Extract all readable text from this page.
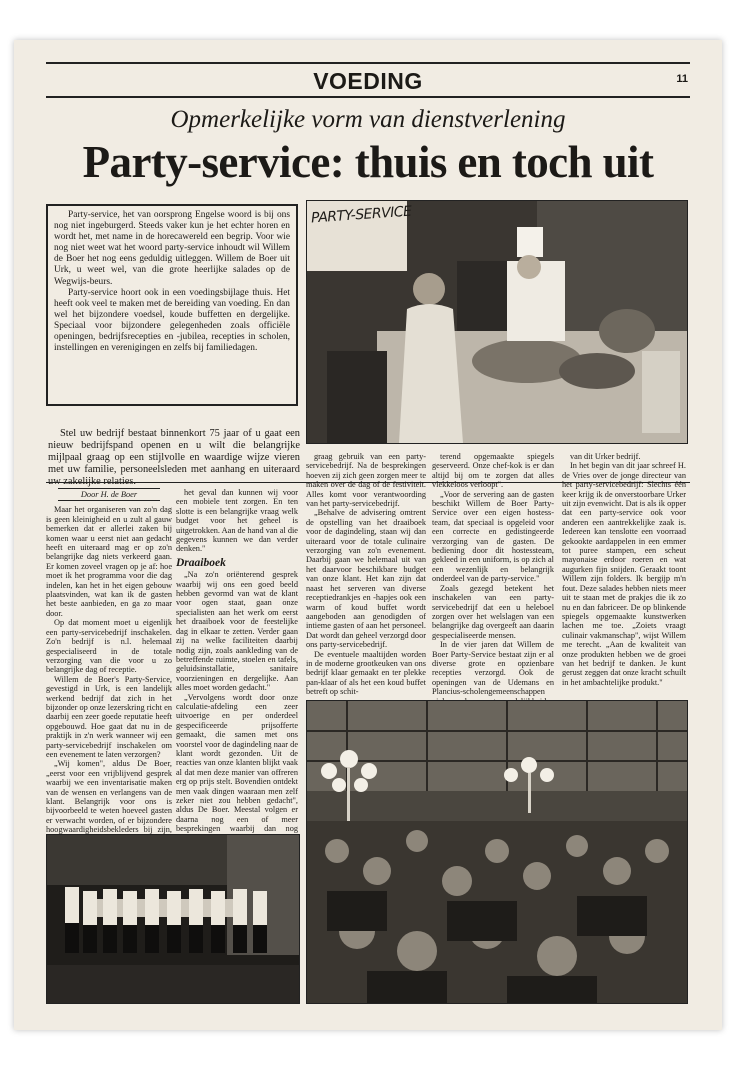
VOEDING	11
Opmerkelijke vorm van dienstverlening
Party-service: thuis en toch uit

Party-service, het van oorsprong Engelse woord is bij ons nog niet ingeburgerd. Steeds vaker kun je het echter horen en wordt het, met name in de horecawereld een begrip. Voor wie nog niet weet wat het woord party-service inhoudt wil Willem de Boer het nog eens geduldig uitleggen. Willem de Boer uit Urk, u weet wel, van die grote heerlijke salades op de Wegwijs-beurs.

Party-service hoort ook in een voedingsbijlage thuis. Het heeft ook veel te maken met de bereiding van voeding. En dan wel het bijzondere voedsel, koude buffetten en dergelijke. Speciaal voor bijzondere gelegenheden zoals officiële openingen, bedrijfsrecepties en -jubilea, recepties in scholen, instellingen en verenigingen en zelfs bij familiedagen.

PARTY-SERVICE

Stel uw bedrijf bestaat binnenkort 75 jaar of u gaat een nieuw bedrijfspand openen en u wilt die belangrijke mijlpaal graag op een stijlvolle en waardige wijze vieren met uw familie, personeelsleden met aanhang en uiteraard

Door H. de Boer

Maar het organiseren van zo'n dag is geen kleinigheid en u zult al gauw bemerken dat er allerlei zaken bij komen waar u eerst niet aan gedacht heeft en uiteraard mag er op zo'n belangrijke dag niets verkeerd gaan. Er komen zoveel vragen op je af: hoe moet ik het programma voor die dag indelen, kan het in het eigen gebouw plaatsvinden, wat kan ik de gasten het beste aanbieden, en ga zo maar door.

Op dat moment moet u eigenlijk een party-servicebedrijf inschakelen. Zo'n bedrijf is n.l. helemaal gespecialiseerd in de totale verzorging van die voor u zo belangrijke dag of receptie.

Willem de Boer's Party-Service, gevestigd in Urk, is een landelijk werkend bedrijf dat zich in het bijzonder op onze lezerskring richt en daarbij een zeer goede reputatie heeft opgebouwd. Hoe gaat dat nu in de praktijk in z'n werk wanneer wij een party-servicebedrijf inschakelen om een evenement te laten verzorgen?

„Wij komen", aldus De Boer, „eerst voor een vrijblijvend gesprek waarbij we een inventarisatie maken van de wensen en verlangens van de klant. Belangrijk voor ons is bijvoorbeeld te weten hoeveel gasten er verwacht worden, of er bijzondere hoogwaardigheidsbekleders bij zijn,

het geval dan kunnen wij voor een mobiele tent zorgen. En ten slotte is een belangrijke vraag welk budget voor het geheel is uitgetrokken. Aan de hand van al die gegevens kunnen we dan verder denken."

Draaiboek

„Na zo'n oriënterend gesprek waarbij wij ons een goed beeld hebben gevormd van wat de klant voor ogen staat, gaan onze specialisten aan het werk om eerst het draaiboek voor de feestelijke dag in elkaar te zetten. Verder gaan zij na welke faciliteiten daarbij nodig zijn, zoals aankleding van de betreffende ruimte, stoelen en tafels, geluidsinstallatie, sanitaire voorzieningen en dergelijke. Aan alles moet worden gedacht."

„Vervolgens wordt door onze calculatie-afdeling een zeer uitvoerige en per onderdeel gespecificeerde prijsofferte gemaakt, die samen met ons voorstel voor de dagindeling naar de klant wordt gezonden. Uit de reacties van onze klanten blijkt vaak al dat men deze manier van offreren erg op prijs stelt. Bovendien ontdekt men vaak dingen waaraan men zelf zeker niet zou hebben gedacht", aldus De Boer. Meestal volgen er daarna nog een of meer besprekingen waarbij dan nog

graag gebruik van een party-servicebedrijf. Na de besprekingen hoeven zij zich geen zorgen meer te maken over de dag of de festiviteit. Alles komt voor verantwoording van het party-servicebedrijf.

„Behalve de advisering omtrent de opstelling van het draaiboek voor de dagindeling, staan wij dan uiteraard voor de totale culinaire verzorging van zo'n evenement. Daarbij gaan we helemaal uit van het daarvoor beschikbare budget van onze klant. Het kan zijn dat naast het serveren van diverse receptiedrankjes en -hapjes ook een warm of koud buffet wordt aangeboden aan genodigden of intieme gasten of aan het personeel. Dat wordt dan geheel verzorgd door ons party-servicebedrijf.

De eventuele maaltijden worden in de moderne grootkeuken van ons bedrijf klaar gemaakt en ter plekke pan-klaar of als het een koud buffet betreft op schit-

terend opgemaakte spiegels geserveerd. Onze chef-kok is er dan altijd bij om te zorgen dat alles vlekkeloos verloopt".

„Voor de servering aan de gasten beschikt Willem de Boer Party-Service over een eigen hostess-team, dat speciaal is opgeleid voor een correcte en gedistingeerde verzorging van de gasten. De bediening door dit hostessteam, gekleed in een uniform, is op zich al een wezenlijk en belangrijk onderdeel van de party-service."

Zoals gezegd betekent het inschakelen van een party-servicebedrijf dat een u heleboel zorgen over het welslagen van een belangrijke dag overgeeft aan daarin gespecialiseerde mensen.

In de vier jaren dat Willem de Boer Party-Service bestaat zijn er al diverse grote en opzienbare recepties verzorgd. Ook de openingen van de Udemans en Plancius-scholengemeenschappen

van dit Urker bedrijf.

In het begin van dit jaar schreef H. de Vries over de jonge directeur van het party-servicebedrijf: Slechts één keer krijg ik de onverstoorbare Urker uit zijn evenwicht. Dat is als ik opper dat een party-service ook voor anderen een aantrekkelijke zaak is. Iedereen kan tenslotte een voorraad gekookte aardappelen in een emmer tot puree stampen, een scheut mayonaise erdoor roeren en wat augurken fijn snijden. Geraakt toont Willem zijn folders. Ik bergijp m'n fout. Deze salades hebben niets meer uit te staan met de prakjes die ik zo nu en dan fabriceer. De op blinkende spiegels opgemaakte kunstwerken lachen me toe. „Zoiets vraagt culinair vakmanschap", wijst Willem me terecht. „Aan de kwaliteit van onze produkten hebben we de groei van het bedrijf te danken. Je kunt gerust zeggen dat onze kracht schuilt in het ambachtelijke produkt."
